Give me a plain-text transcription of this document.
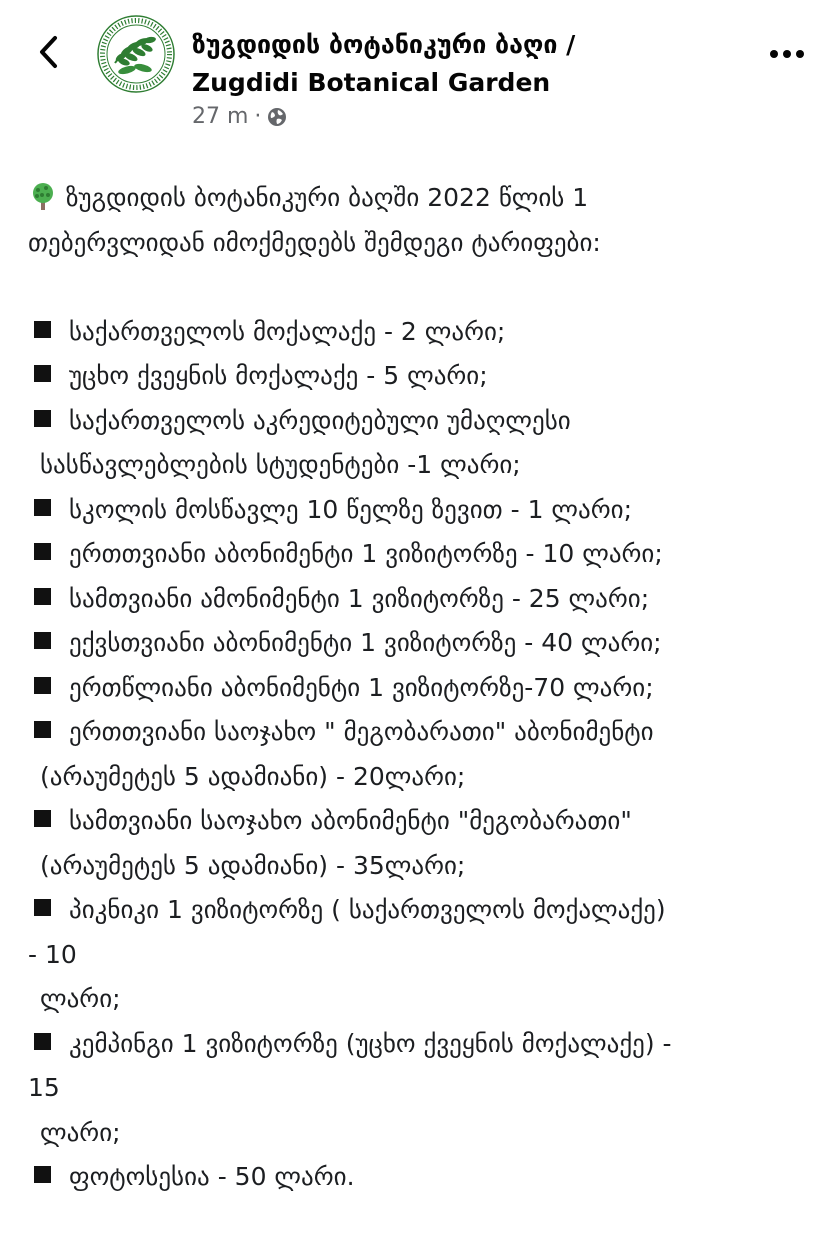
ზუგდიდის ბოტანიკური ბაღი /
Zugdidi Botanical Garden
27 m ·
ზუგდიდის ბოტანიკური ბაღში 2022 წლის 1
თებერვლიდან იმოქმედებს შემდეგი ტარიფები:
საქართველოს მოქალაქე - 2 ლარი;
უცხო ქვეყნის მოქალაქე - 5 ლარი;
საქართველოს აკრედიტებული უმაღლესი
სასწავლებლების სტუდენტები -1 ლარი;
სკოლის მოსწავლე 10 წელზე ზევით - 1 ლარი;
ერთთვიანი აბონიმენტი 1 ვიზიტორზე - 10 ლარი;
სამთვიანი ამონიმენტი 1 ვიზიტორზე - 25 ლარი;
ექვსთვიანი აბონიმენტი 1 ვიზიტორზე - 40 ლარი;
ერთწლიანი აბონიმენტი 1 ვიზიტორზე-70 ლარი;
ერთთვიანი საოჯახო " მეგობარათი" აბონიმენტი
(არაუმეტეს 5 ადამიანი) - 20ლარი;
სამთვიანი საოჯახო აბონიმენტი "მეგობარათი"
(არაუმეტეს 5 ადამიანი) - 35ლარი;
პიკნიკი 1 ვიზიტორზე ( საქართველოს მოქალაქე)
- 10
ლარი;
კემპინგი 1 ვიზიტორზე (უცხო ქვეყნის მოქალაქე) -
15
ლარი;
ფოტოსესია - 50 ლარი.
